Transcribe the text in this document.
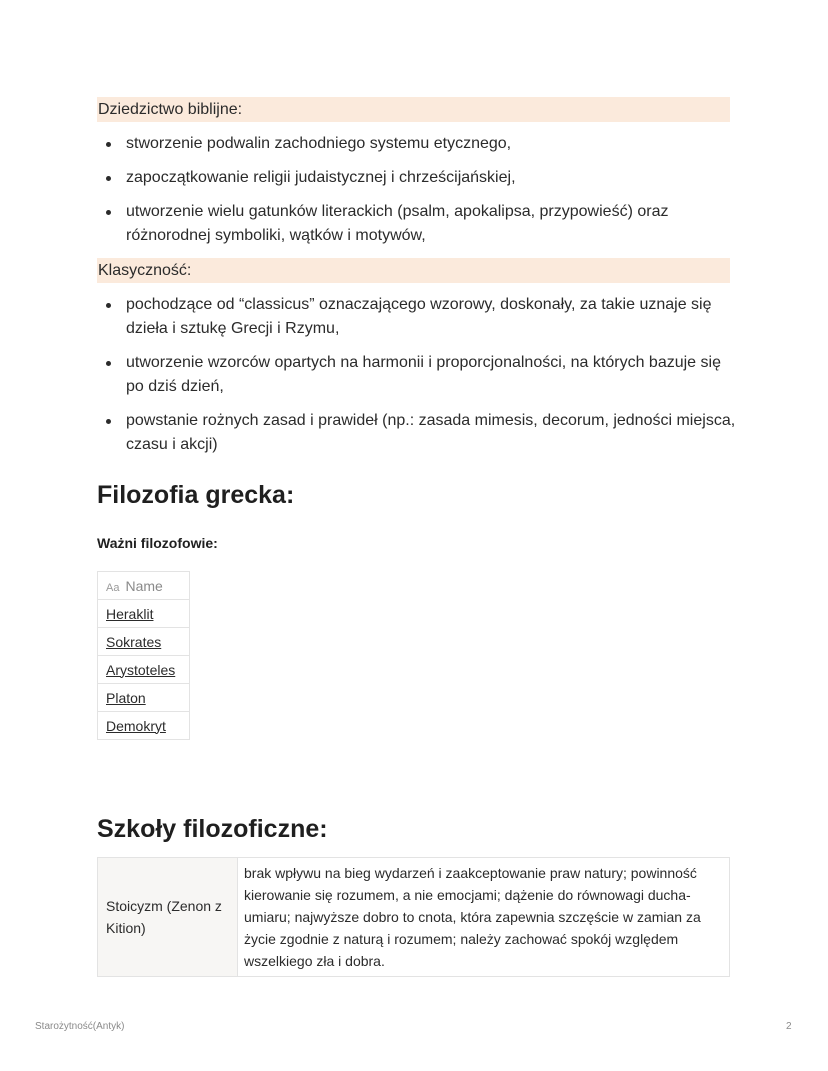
Dziedzictwo biblijne:
stworzenie podwalin zachodniego systemu etycznego,
zapoczątkowanie religii judaistycznej i chrześcijańskiej,
utworzenie wielu gatunków literackich (psalm, apokalipsa, przypowieść) oraz różnorodnej symboliki, wątków i motywów,
Klasyczność:
pochodzące od “classicus” oznaczającego wzorowy, doskonały, za takie uznaje się dzieła i sztukę Grecji i Rzymu,
utworzenie wzorców opartych na harmonii i proporcjonalności, na których bazuje się po dziś dzień,
powstanie rożnych zasad i prawideł (np.: zasada mimesis, decorum, jedności miejsca, czasu i akcji)
Filozofia grecka:
Ważni filozofowie:
Aa Name
Heraklit
Sokrates
Arystoteles
Platon
Demokryt
Szkoły filozoficzne:
Stoicyzm (Zenon z Kition)	brak wpływu na bieg wydarzeń i zaakceptowanie praw natury; powinność kierowanie się rozumem, a nie emocjami; dążenie do równowagi ducha- umiaru; najwyższe dobro to cnota, która zapewnia szczęście w zamian za życie zgodnie z naturą i rozumem; należy zachować spokój względem wszelkiego zła i dobra.
Starożytność(Antyk)	2
